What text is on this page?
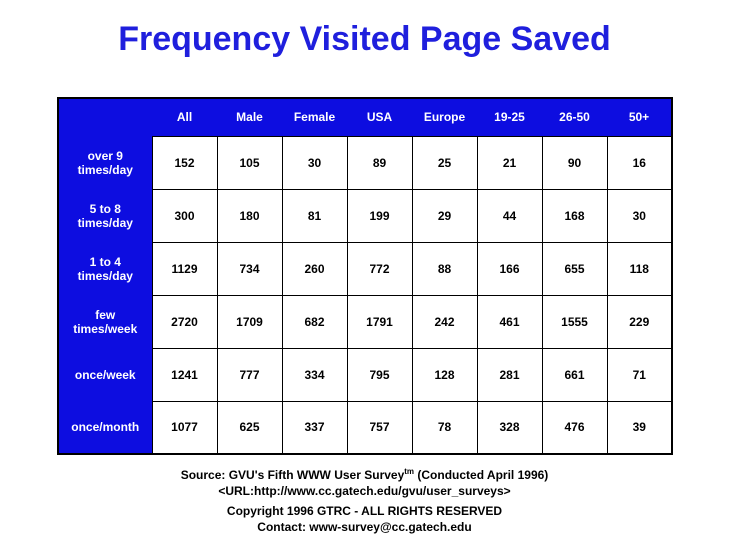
Frequency Visited Page Saved
	All	Male	Female	USA	Europe	19-25	26-50	50+
over 9 times/day	152	105	30	89	25	21	90	16
5 to 8 times/day	300	180	81	199	29	44	168	30
1 to 4 times/day	1129	734	260	772	88	166	655	118
few times/week	2720	1709	682	1791	242	461	1555	229
once/week	1241	777	334	795	128	281	661	71
once/month	1077	625	337	757	78	328	476	39
Source: GVU's Fifth WWW User Survey$^{tm}$ (Conducted April 1996)
<URL:http://www.cc.gatech.edu/gvu/user_surveys>
Copyright 1996 GTRC - ALL RIGHTS RESERVED
Contact: www-survey@cc.gatech.edu
